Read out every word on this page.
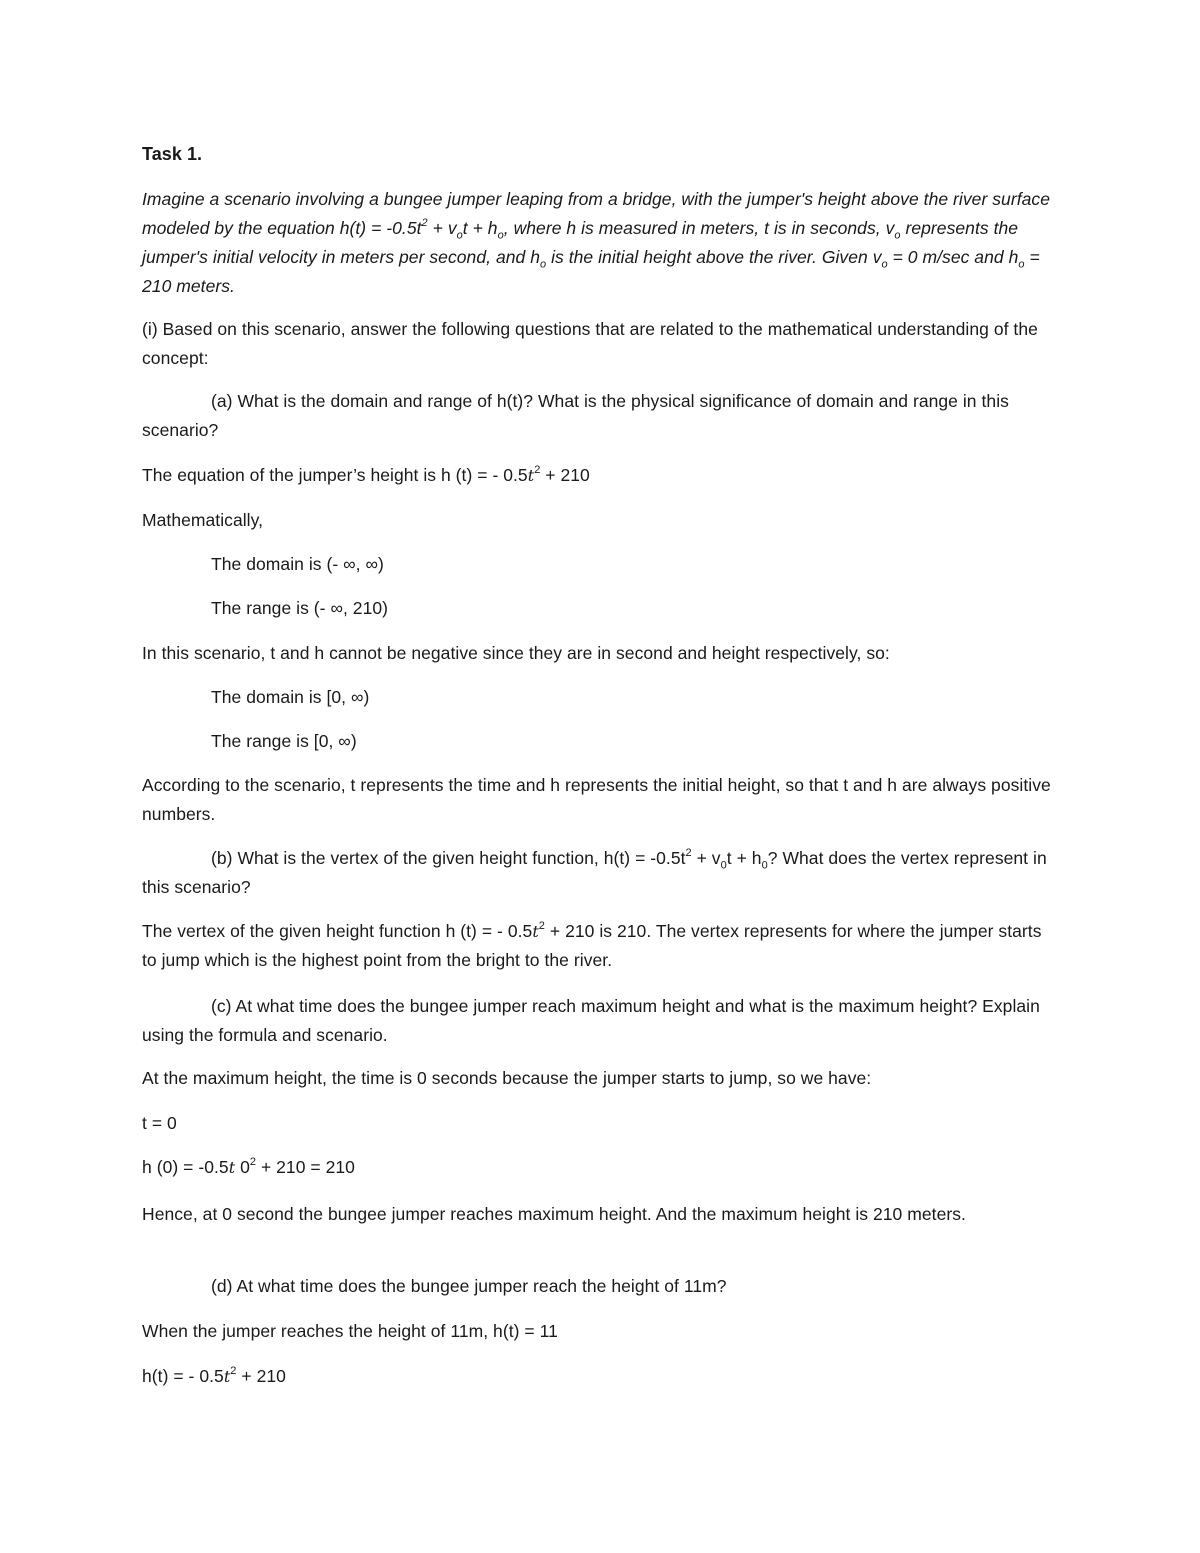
Task 1.

Imagine a scenario involving a bungee jumper leaping from a bridge, with the jumper's height above the river surface modeled by the equation $h(t) = -0.5t^2 + v_ot + h_o$, where h is measured in meters, t is in seconds, $v_o$ represents the jumper's initial velocity in meters per second, and $h_o$ is the initial height above the river. Given $v_o = 0$ m/sec and $h_o = 210$ meters.

(i) Based on this scenario, answer the following questions that are related to the mathematical understanding of the concept:

(a) What is the domain and range of h(t)? What is the physical significance of domain and range in this scenario?

The equation of the jumper’s height is h (t) = - $0.5t^2 + 210$

Mathematically,

The domain is (- ∞, ∞)

The range is (- ∞, 210)

In this scenario, t and h cannot be negative since they are in second and height respectively, so:

The domain is [0, ∞)

The range is [0, ∞)

According to the scenario, t represents the time and h represents the initial height, so that t and h are always positive numbers.

(b) What is the vertex of the given height function, $h(t) = -0.5t^2 + v_0t + h_0$? What does the vertex represent in this scenario?

The vertex of the given height function h (t) = - $0.5t^2 + 210$ is 210. The vertex represents for where the jumper starts to jump which is the highest point from the bright to the river.

(c) At what time does the bungee jumper reach maximum height and what is the maximum height? Explain using the formula and scenario.

At the maximum height, the time is 0 seconds because the jumper starts to jump, so we have:

t = 0

h (0) = -0.5t $0^2 + 210 = 210$

Hence, at 0 second the bungee jumper reaches maximum height. And the maximum height is 210 meters.

(d) At what time does the bungee jumper reach the height of 11m?

When the jumper reaches the height of 11m, h(t) = 11

h(t) = - $0.5t^2 + 210$
